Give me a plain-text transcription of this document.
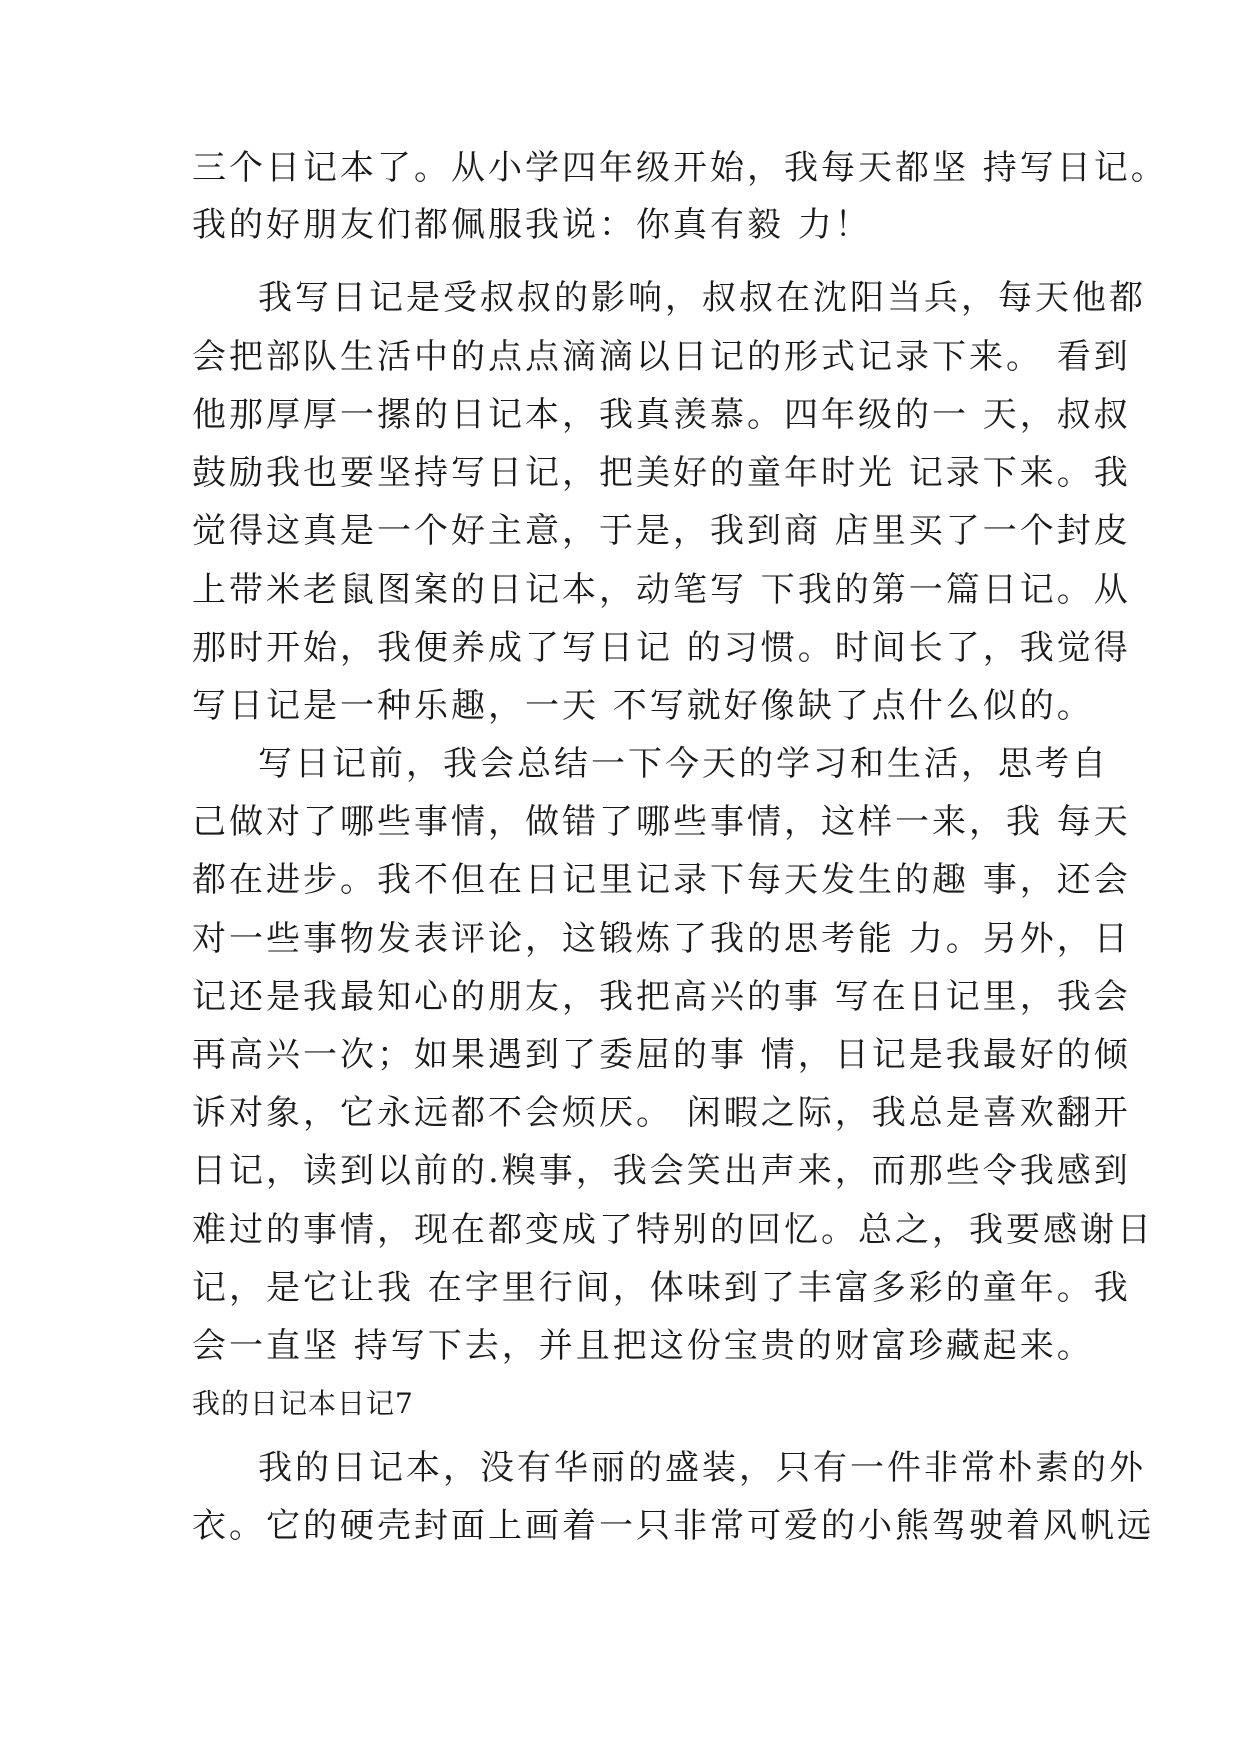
三个日记本了。从小学四年级开始，我每天都坚 持写日记。

我的好朋友们都佩服我说：你真有毅 力！

我写日记是受叔叔的影响，叔叔在沈阳当兵，每天他都

会把部队生活中的点点滴滴以日记的形式记录下来。 看到

他那厚厚一摞的日记本，我真羡慕。四年级的一 天，叔叔

鼓励我也要坚持写日记，把美好的童年时光 记录下来。我

觉得这真是一个好主意，于是，我到商 店里买了一个封皮

上带米老鼠图案的日记本，动笔写 下我的第一篇日记。从

那时开始，我便养成了写日记 的习惯。时间长了，我觉得

写日记是一种乐趣，一天 不写就好像缺了点什么似的。

写日记前，我会总结一下今天的学习和生活，思考自

己做对了哪些事情，做错了哪些事情，这样一来，我 每天

都在进步。我不但在日记里记录下每天发生的趣 事，还会

对一些事物发表评论，这锻炼了我的思考能 力。另外，日

记还是我最知心的朋友，我把高兴的事 写在日记里，我会

再高兴一次；如果遇到了委屈的事 情，日记是我最好的倾

诉对象，它永远都不会烦厌。 闲暇之际，我总是喜欢翻开

日记，读到以前的.糗事，我会笑出声来，而那些令我感到

难过的事情，现在都变成了特别的回忆。总之，我要感谢日

记，是它让我 在字里行间，体味到了丰富多彩的童年。我

会一直坚 持写下去，并且把这份宝贵的财富珍藏起来。

我的日记本日记7

我的日记本，没有华丽的盛装，只有一件非常朴素的外

衣。它的硬壳封面上画着一只非常可爱的小熊驾驶着风帆远
